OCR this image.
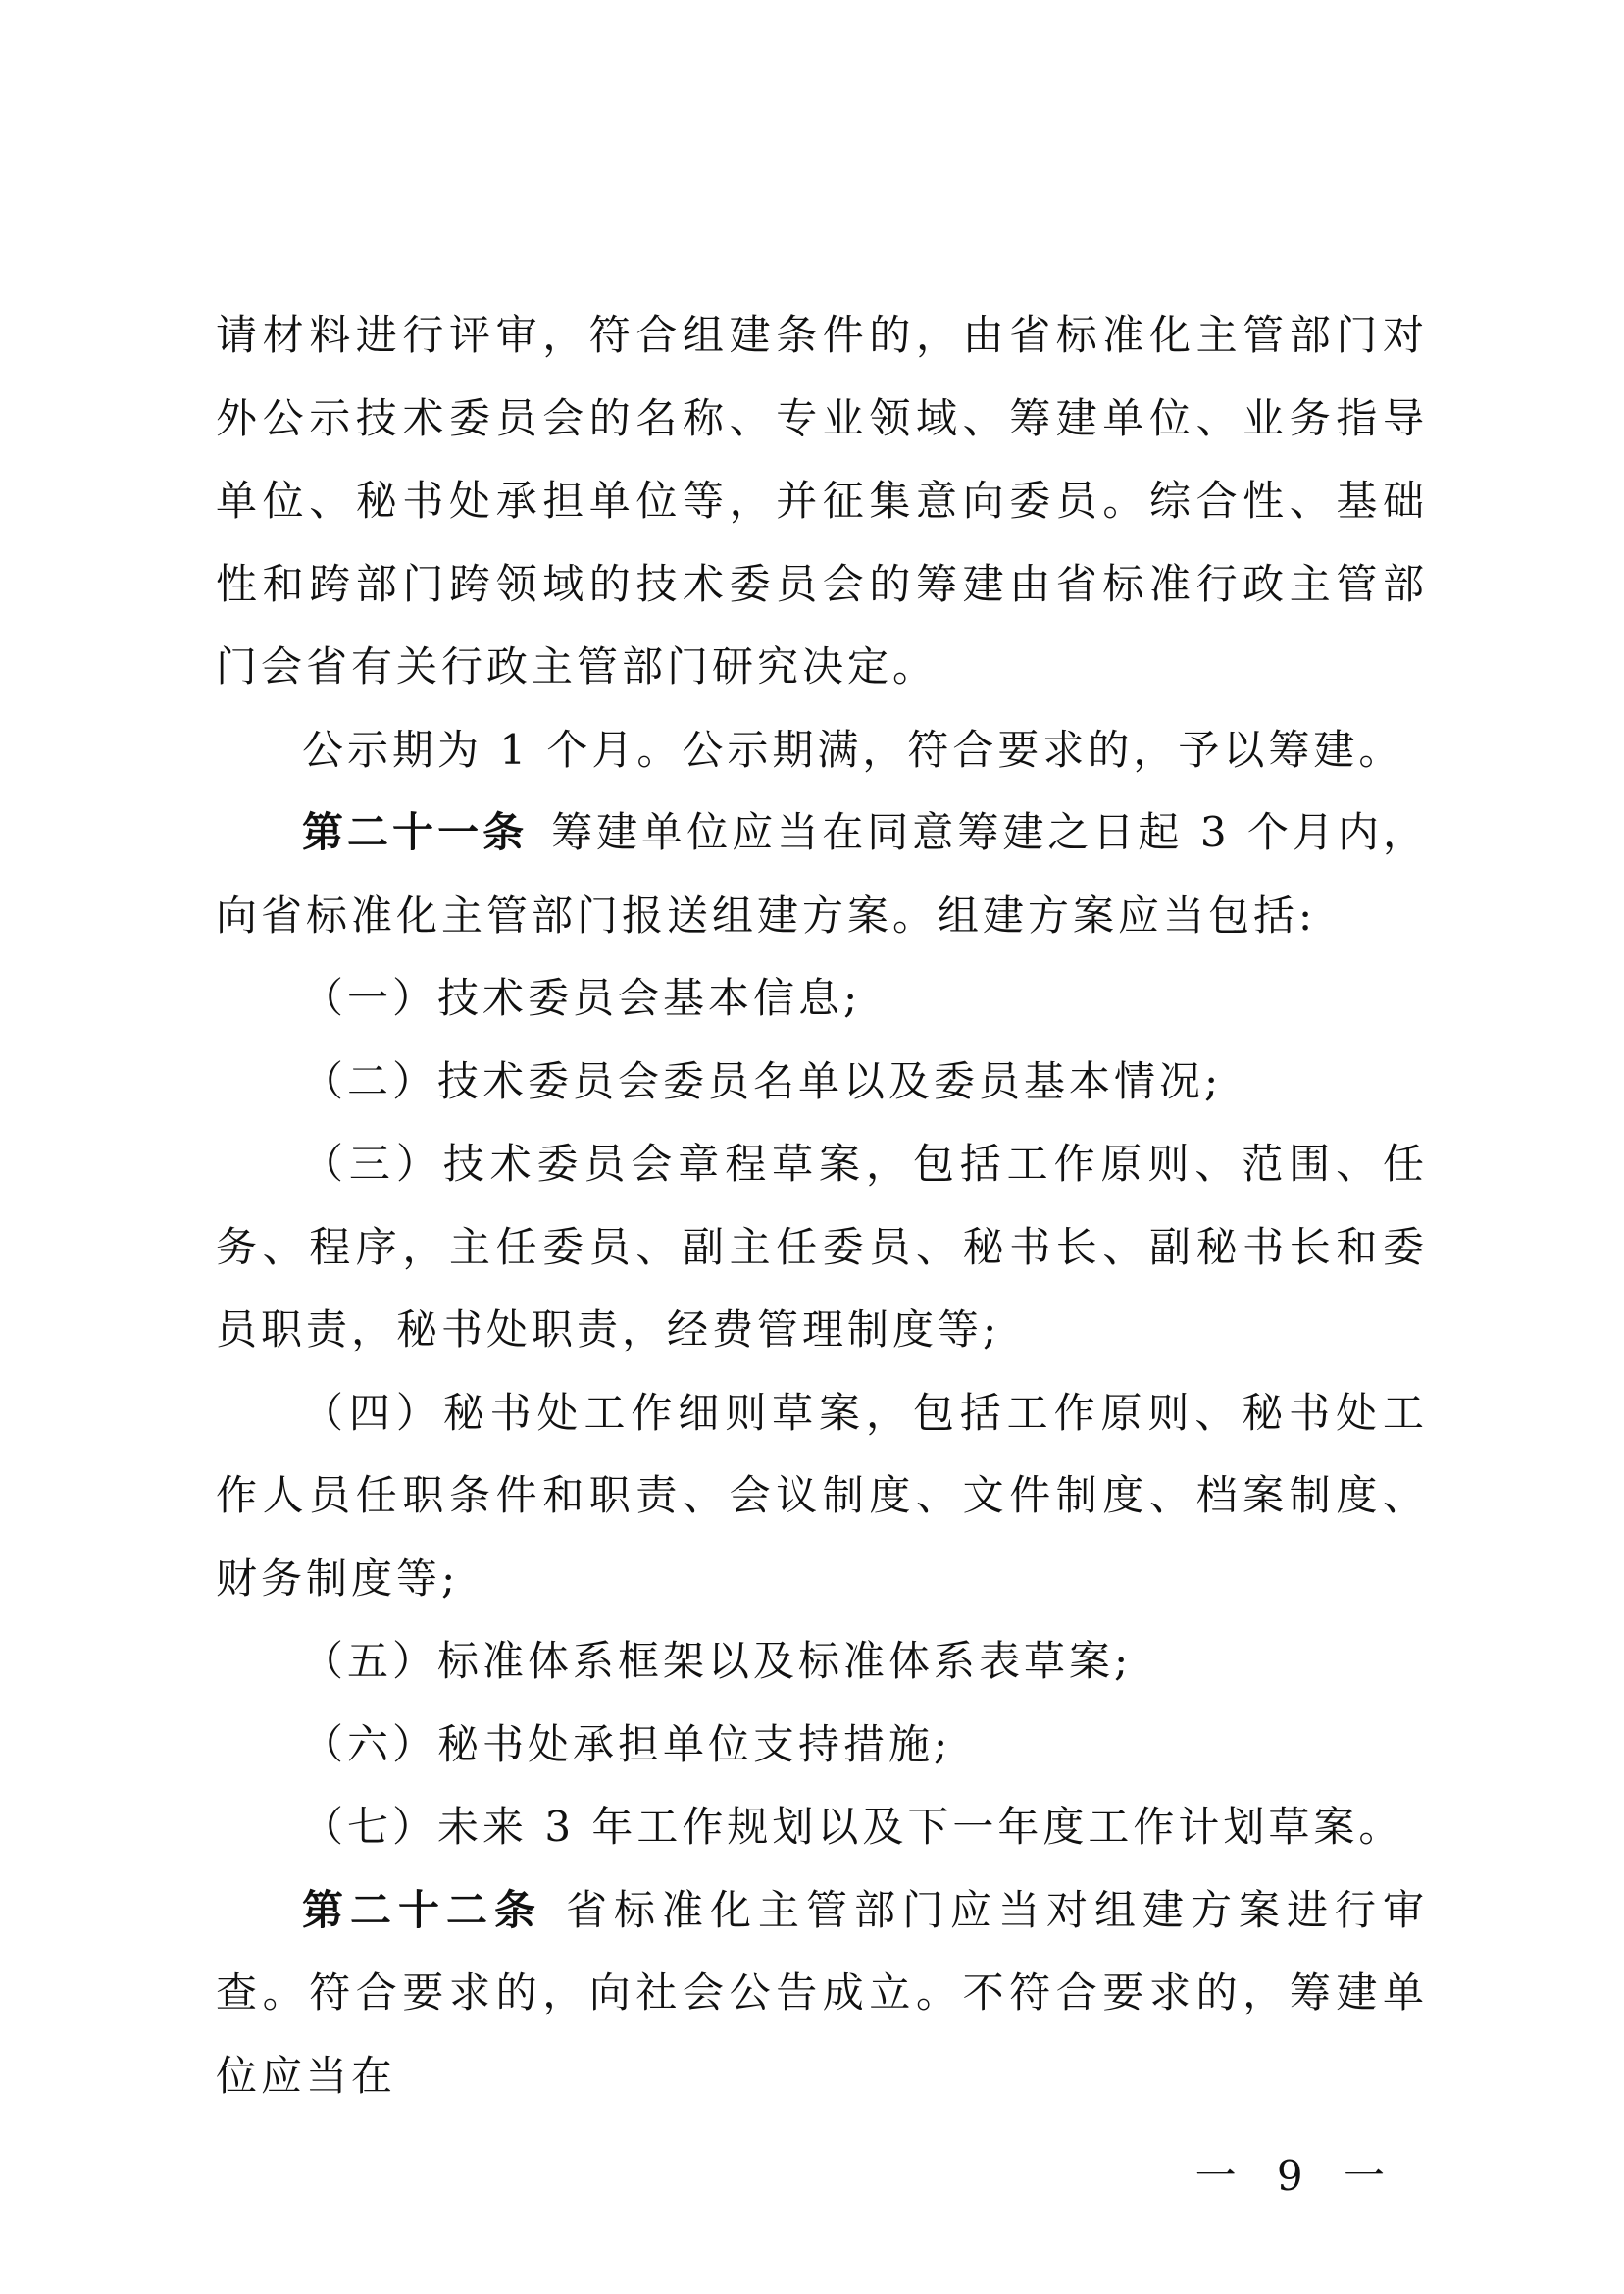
请材料进行评审，符合组建条件的，由省标准化主管部门对外公示技术委员会的名称、专业领域、筹建单位、业务指导单位、秘书处承担单位等，并征集意向委员。综合性、基础性和跨部门跨领域的技术委员会的筹建由省标准行政主管部门会省有关行政主管部门研究决定。

公示期为 1 个月。公示期满，符合要求的，予以筹建。

第二十一条 筹建单位应当在同意筹建之日起 3 个月内，向省标准化主管部门报送组建方案。组建方案应当包括:

（一）技术委员会基本信息;

（二）技术委员会委员名单以及委员基本情况;

（三）技术委员会章程草案，包括工作原则、范围、任务、程序，主任委员、副主任委员、秘书长、副秘书长和委员职责，秘书处职责，经费管理制度等;

（四）秘书处工作细则草案，包括工作原则、秘书处工作人员任职条件和职责、会议制度、文件制度、档案制度、财务制度等;

（五）标准体系框架以及标准体系表草案;

（六）秘书处承担单位支持措施;

（七）未来 3 年工作规划以及下一年度工作计划草案。

第二十二条 省标准化主管部门应当对组建方案进行审查。符合要求的，向社会公告成立。不符合要求的，筹建单位应当在

一 9 一
